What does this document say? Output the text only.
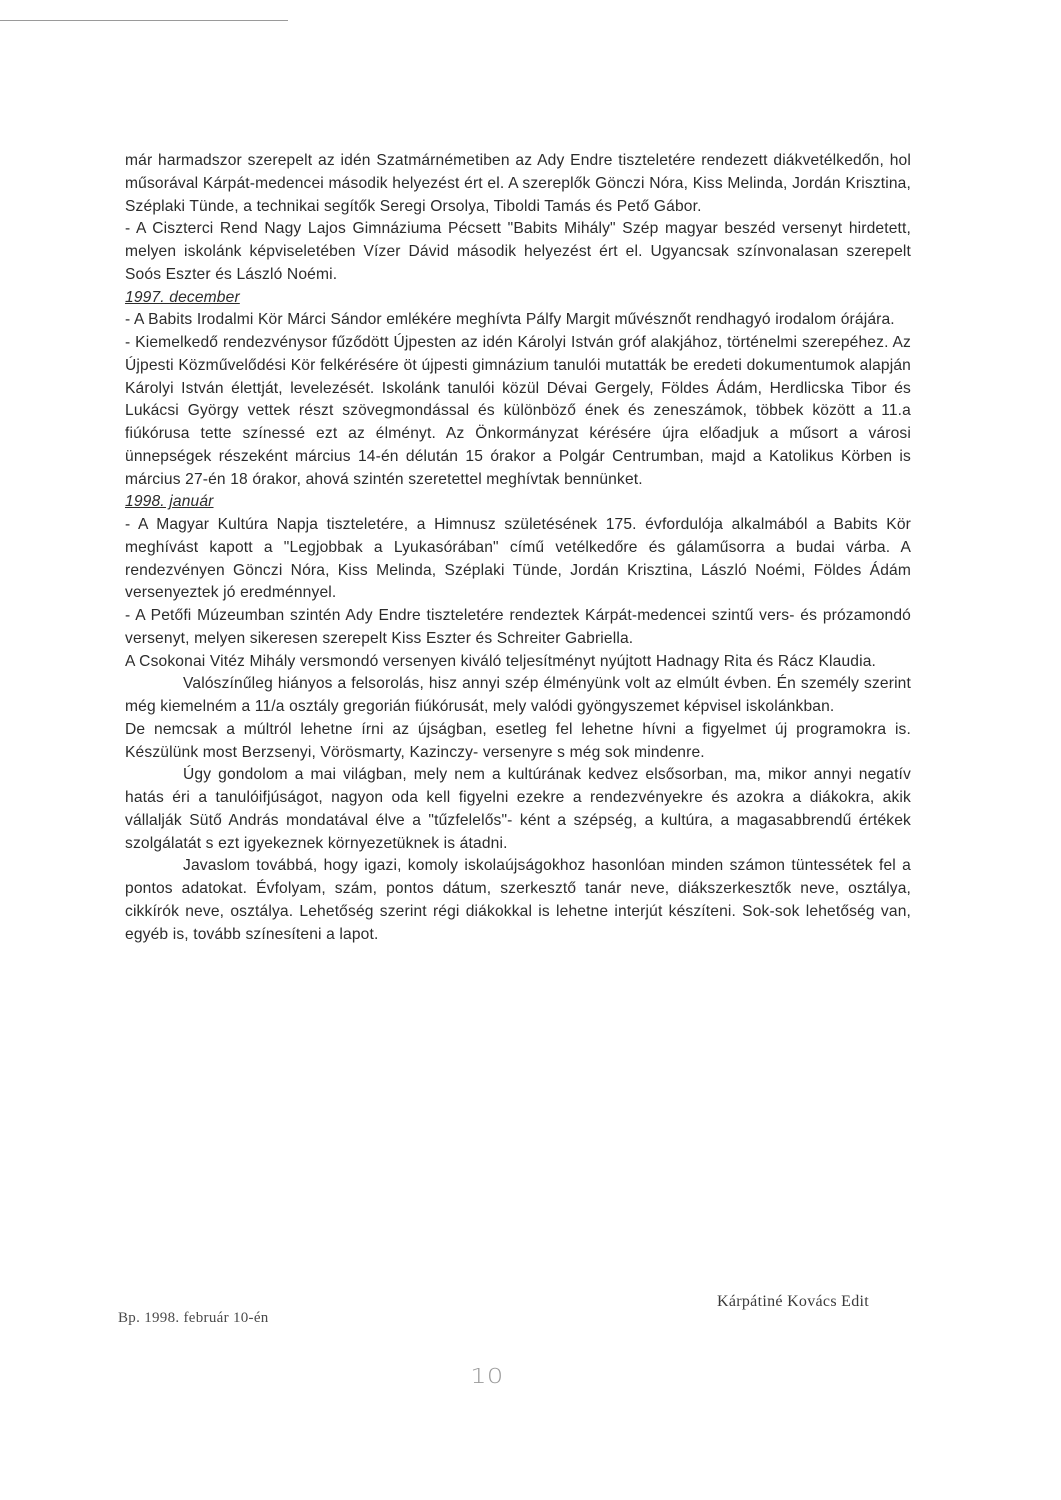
már harmadszor szerepelt az idén Szatmárnémetiben az Ady Endre tiszteletére rendezett diákvetélkedőn, hol műsorával Kárpát-medencei második helyezést ért el. A szereplők Gönczi Nóra, Kiss Melinda, Jordán Krisztina, Széplaki Tünde, a technikai segítők Seregi Orsolya, Tiboldi Tamás és Pető Gábor.

- A Ciszterci Rend Nagy Lajos Gimnáziuma Pécsett "Babits Mihály" Szép magyar beszéd versenyt hirdetett, melyen iskolánk képviseletében Vízer Dávid második helyezést ért el. Ugyancsak színvonalasan szerepelt Soós Eszter és László Noémi.

1997. december

- A Babits Irodalmi Kör Márci Sándor emlékére meghívta Pálfy Margit művésznőt rendhagyó irodalom órájára.

- Kiemelkedő rendezvénysor fűződött Újpesten az idén Károlyi István gróf alakjához, történelmi szerepéhez. Az Újpesti Közművelődési Kör felkérésére öt újpesti gimnázium tanulói mutatták be eredeti dokumentumok alapján Károlyi István élettját, levelezését. Iskolánk tanulói közül Dévai Gergely, Földes Ádám, Herdlicska Tibor és Lukácsi György vettek részt szövegmondással és különböző ének és zeneszámok, többek között a 11.a fiúkórusa tette színessé ezt az élményt. Az Önkormányzat kérésére újra előadjuk a műsort a városi ünnepségek részeként március 14-én délután 15 órakor a Polgár Centrumban, majd a Katolikus Körben is március 27-én 18 órakor, ahová szintén szeretettel meghívtak bennünket.

1998. január

- A Magyar Kultúra Napja tiszteletére, a Himnusz születésének 175. évfordulója alkalmából a Babits Kör meghívást kapott a "Legjobbak a Lyukasórában" című vetélkedőre és gálaműsorra a budai várba. A rendezvényen Gönczi Nóra, Kiss Melinda, Széplaki Tünde, Jordán Krisztina, László Noémi, Földes Ádám versenyeztek jó eredménnyel.

- A Petőfi Múzeumban szintén Ady Endre tiszteletére rendeztek Kárpát-medencei szintű vers- és prózamondó versenyt, melyen sikeresen szerepelt Kiss Eszter és Schreiter Gabriella.

A Csokonai Vitéz Mihály versmondó versenyen kiváló teljesítményt nyújtott Hadnagy Rita és Rácz Klaudia.

Valószínűleg hiányos a felsorolás, hisz annyi szép élményünk volt az elmúlt évben. Én személy szerint még kiemelném a 11/a osztály gregorián fiúkórusát, mely valódi gyöngyszemet képvisel iskolánkban.

De nemcsak a múltról lehetne írni az újságban, esetleg fel lehetne hívni a figyelmet új programokra is. Készülünk most Berzsenyi, Vörösmarty, Kazinczy- versenyre s még sok mindenre.

Úgy gondolom a mai világban, mely nem a kultúrának kedvez elsősorban, ma, mikor annyi negatív hatás éri a tanulóifjúságot, nagyon oda kell figyelni ezekre a rendezvényekre és azokra a diákokra, akik vállalják Sütő András mondatával élve a "tűzfelelős"- ként a szépség, a kultúra, a magasabbrendű értékek szolgálatát s ezt igyekeznek környezetüknek is átadni.

Javaslom továbbá, hogy igazi, komoly iskolaújságokhoz hasonlóan minden számon tüntessétek fel a pontos adatokat. Évfolyam, szám, pontos dátum, szerkesztő tanár neve, diákszerkesztők neve, osztálya, cikkírók neve, osztálya. Lehetőség szerint régi diákokkal is lehetne interjút készíteni. Sok-sok lehetőség van, egyéb is, tovább színesíteni a lapot.

Kárpátiné Kovács Edit
Bp. 1998. február 10-én
10
